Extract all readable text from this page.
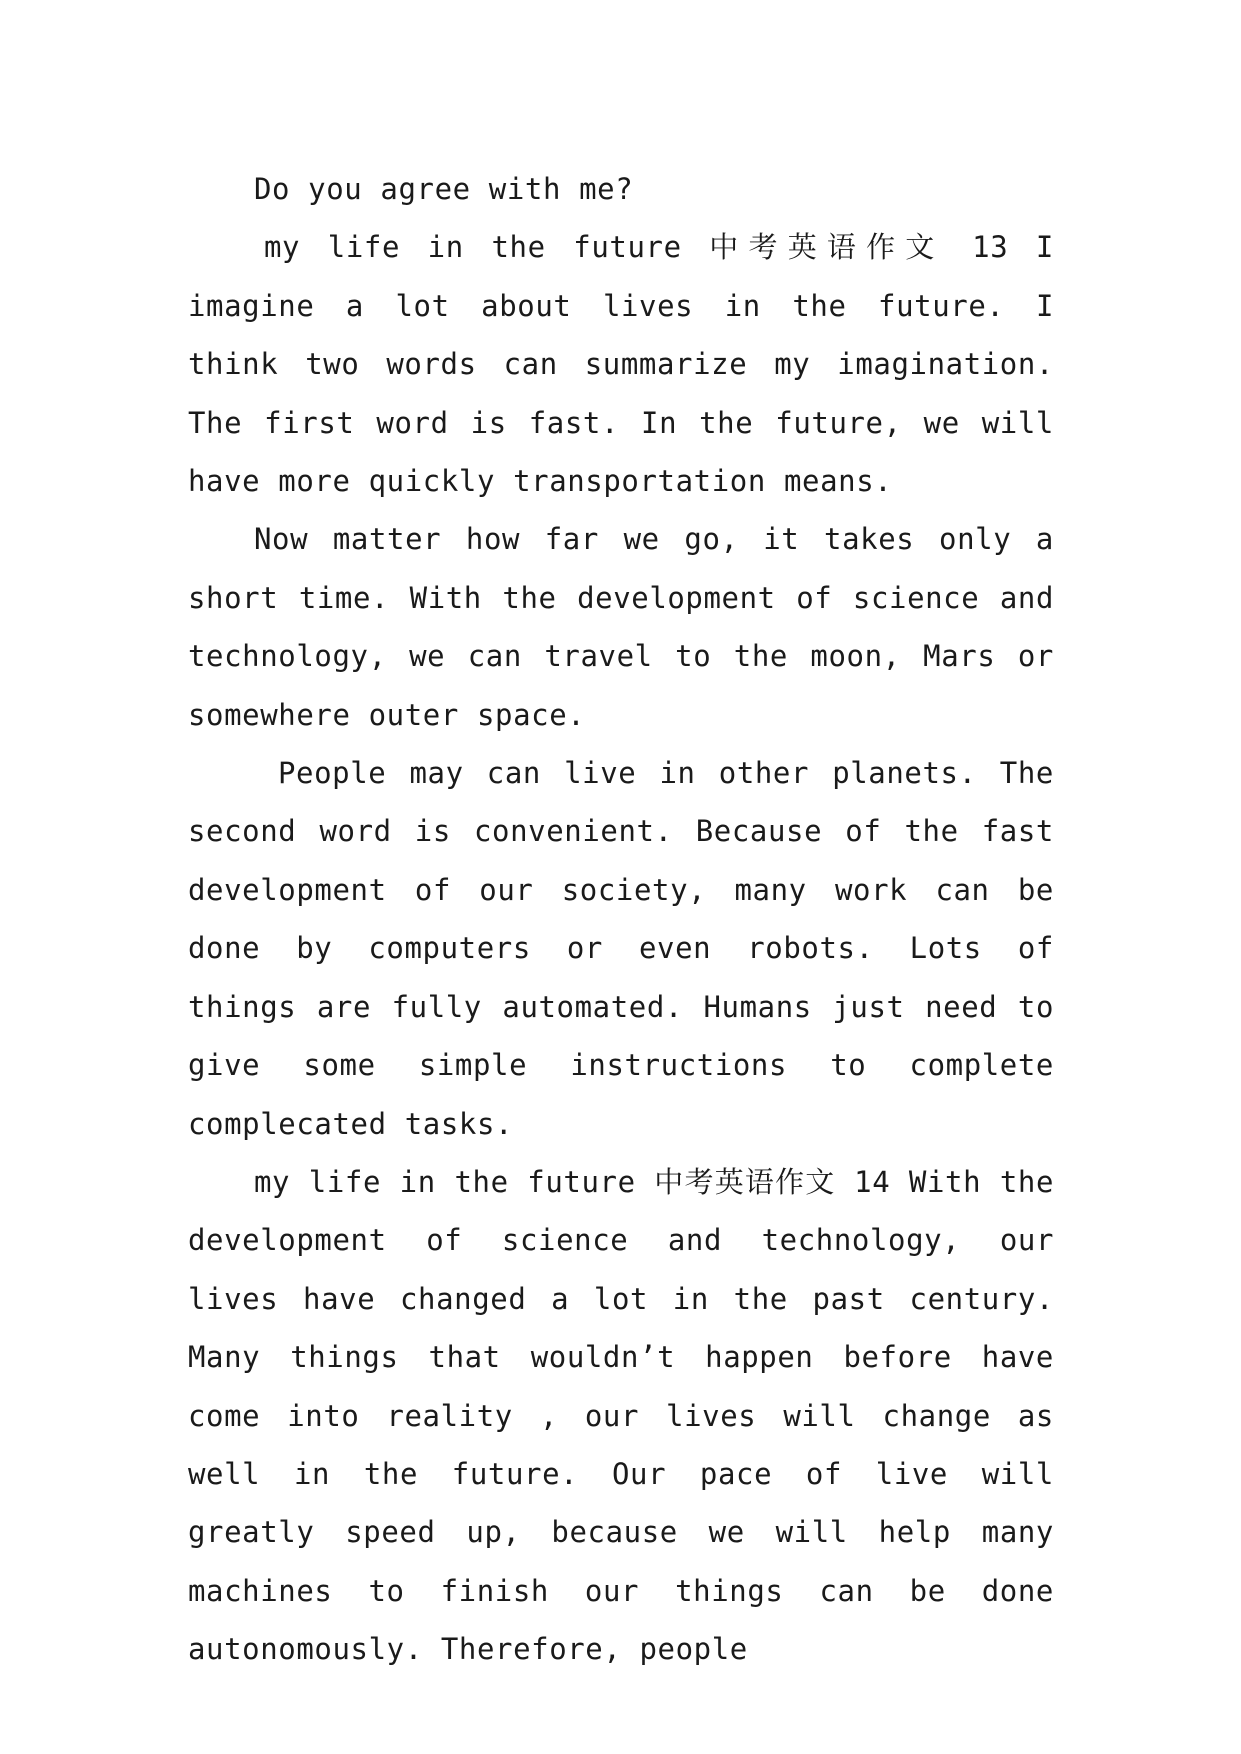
Do you agree with me?

my life in the future 中考英语作文 13 I imagine a lot about lives in the future. I think two words can summarize my imagination. The first word is fast. In the future, we will have more quickly transportation means.

Now matter how far we go, it takes only a short time. With the development of science and technology, we can travel to the moon, Mars or somewhere outer space.

People may can live in other planets. The second word is convenient. Because of the fast development of our society, many work can be done by computers or even robots. Lots of things are fully automated. Humans just need to give some simple instructions to complete complecated tasks.

my life in the future 中考英语作文 14 With the development of science and technology, our lives have changed a lot in the past century. Many things that wouldn’t happen before have come into reality , our lives will change as well in the future. Our pace of live will greatly speed up, because we will help many machines to finish our things can be done autonomously. Therefore, people
